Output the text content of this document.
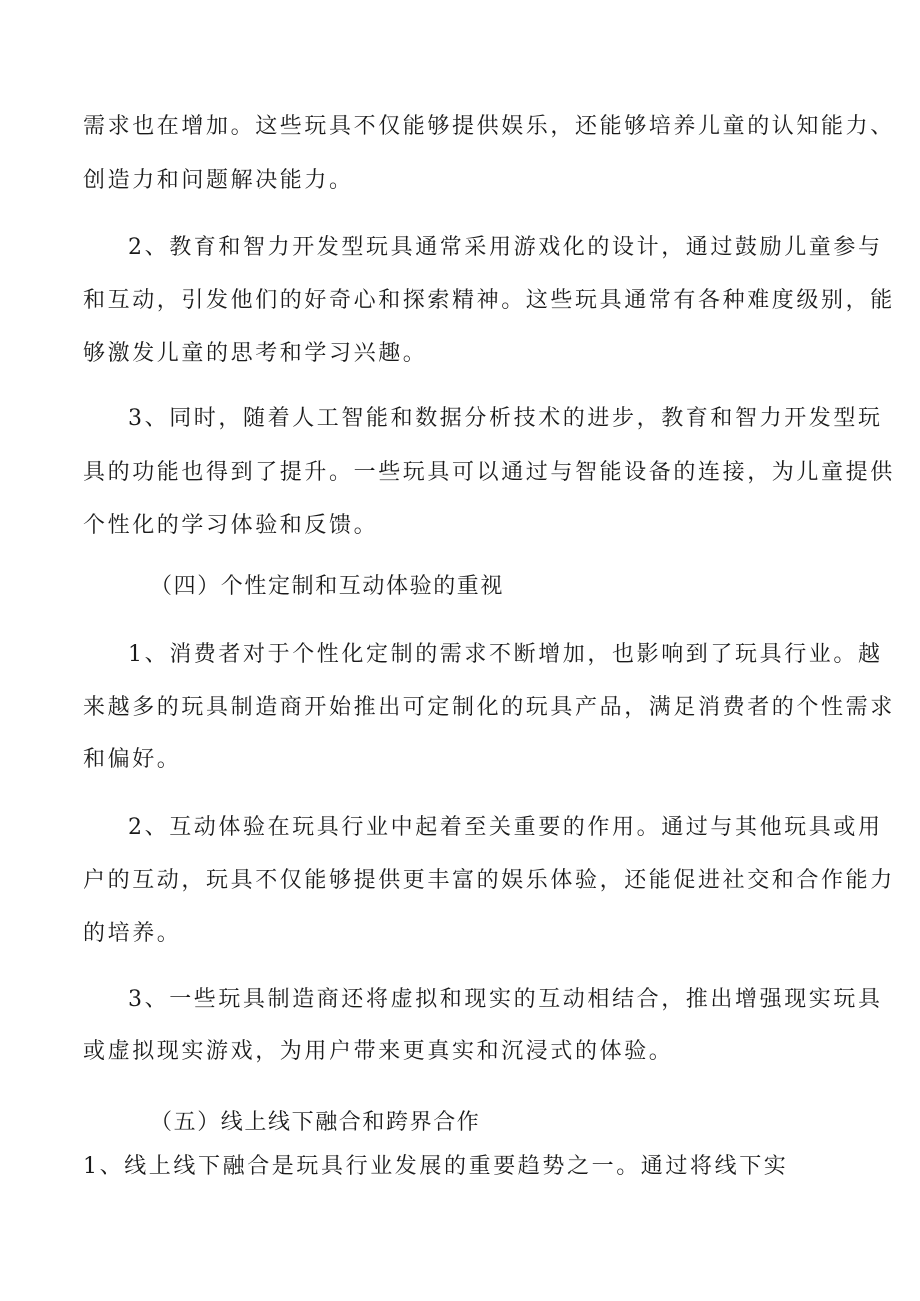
需求也在增加。这些玩具不仅能够提供娱乐，还能够培养儿童的认知能力、
创造力和问题解决能力。
2、教育和智力开发型玩具通常采用游戏化的设计，通过鼓励儿童参与
和互动，引发他们的好奇心和探索精神。这些玩具通常有各种难度级别，能
够激发儿童的思考和学习兴趣。
3、同时，随着人工智能和数据分析技术的进步，教育和智力开发型玩
具的功能也得到了提升。一些玩具可以通过与智能设备的连接，为儿童提供
个性化的学习体验和反馈。
（四）个性定制和互动体验的重视
1、消费者对于个性化定制的需求不断增加，也影响到了玩具行业。越
来越多的玩具制造商开始推出可定制化的玩具产品，满足消费者的个性需求
和偏好。
2、互动体验在玩具行业中起着至关重要的作用。通过与其他玩具或用
户的互动，玩具不仅能够提供更丰富的娱乐体验，还能促进社交和合作能力
的培养。
3、一些玩具制造商还将虚拟和现实的互动相结合，推出增强现实玩具
或虚拟现实游戏，为用户带来更真实和沉浸式的体验。
（五）线上线下融合和跨界合作
1、线上线下融合是玩具行业发展的重要趋势之一。通过将线下实
